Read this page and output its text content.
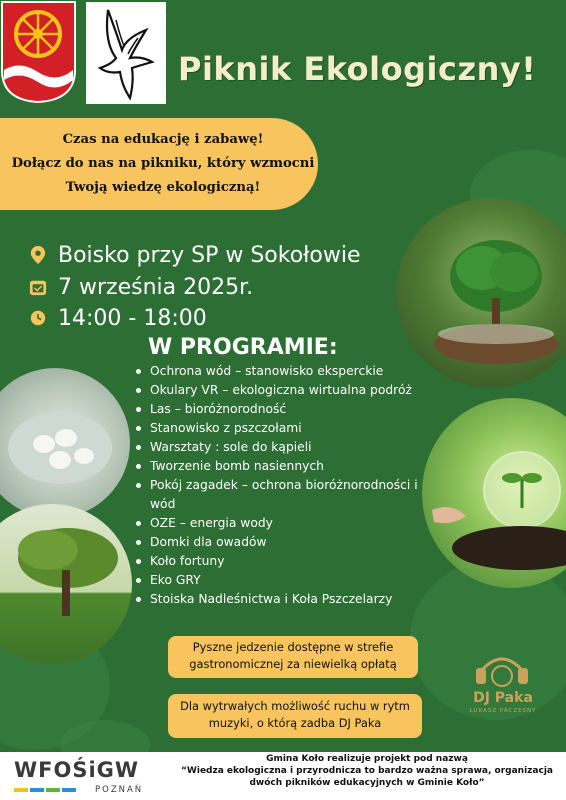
Piknik Ekologiczny!
Czas na edukację i zabawę!
Dołącz do nas na pikniku, który wzmocni
Twoją wiedzę ekologiczną!
Boisko przy SP w Sokołowie
7 września 2025r.
14:00 - 18:00
W PROGRAMIE:
Ochrona wód – stanowisko eksperckie
Okulary VR – ekologiczna wirtualna podróż
Las – bioróżnorodność
Stanowisko z pszczołami
Warsztaty : sole do kąpieli
Tworzenie bomb nasiennych
Pokój zagadek – ochrona bioróżnorodności i wód
OZE – energia wody
Domki dla owadów
Koło fortuny
Eko GRY
Stoiska Nadleśnictwa i Koła Pszczelarzy
Pyszne jedzenie dostępne w strefie gastronomicznej za niewielką opłatą
Dla wytrwałych możliwość ruchu w rytm muzyki, o którą zadba DJ Paka
DJ Paka
ŁUKASZ PACZEŚNY
WFOŚiGW
POZNAŃ
Gmina Koło realizuje projekt pod nazwą
“Wiedza ekologiczna i przyrodnicza to bardzo ważna sprawa, organizacja
dwóch pikników edukacyjnych w Gminie Koło”
